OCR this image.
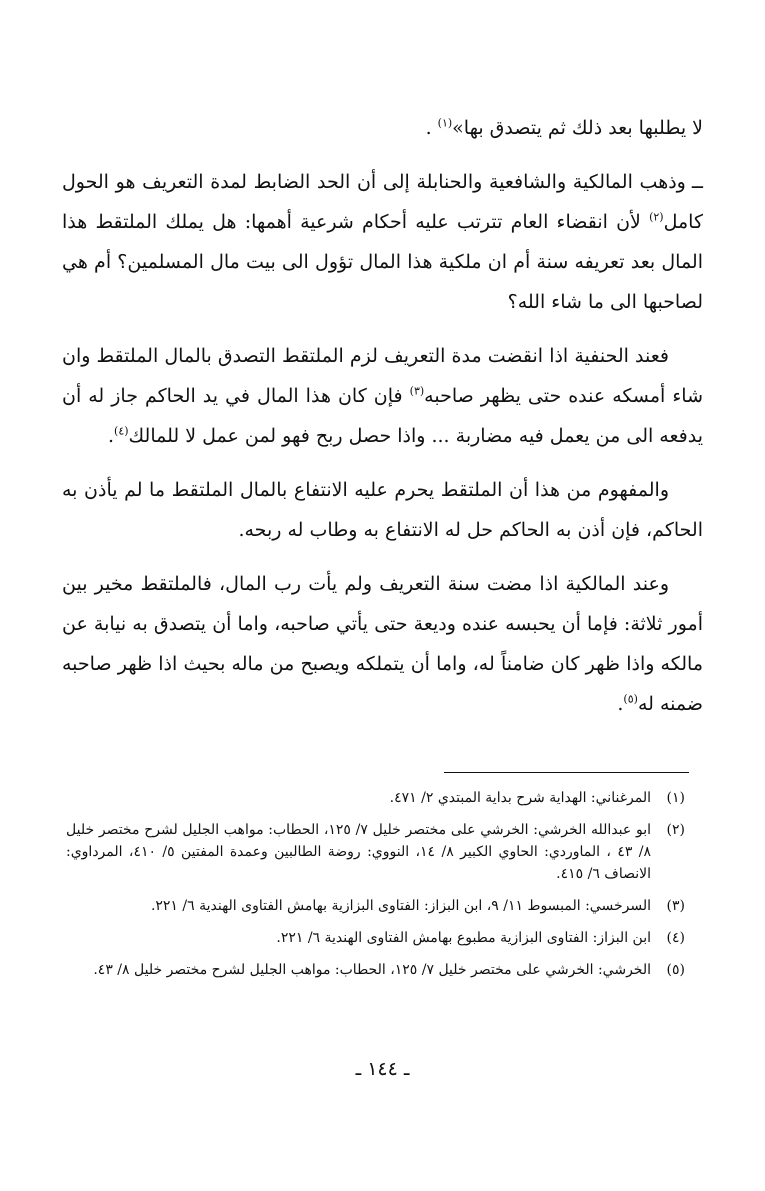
لا يطلبها بعد ذلك ثم يتصدق بها»$^{(١)}$ .

ــوذهب المالكية والشافعية والحنابلة إلى أن الحد الضابط لمدة التعريف هو الحول كامل$^{(٢)}$ لأن انقضاء العام تترتب عليه أحكام شرعية أهمها: هل يملك الملتقط هذا المال بعد تعريفه سنة أم ان ملكية هذا المال تؤول الى بيت مال المسلمين؟ أم هي لصاحبها الى ما شاء الله؟

فعند الحنفية اذا انقضت مدة التعريف لزم الملتقط التصدق بالمال الملتقط وان شاء أمسكه عنده حتى يظهر صاحبه$^{(٣)}$ فإن كان هذا المال في يد الحاكم جاز له أن يدفعه الى من يعمل فيه مضاربة ... واذا حصل ربح فهو لمن عمل لا للمالك$^{(٤)}$.

والمفهوم من هذا أن الملتقط يحرم عليه الانتفاع بالمال الملتقط ما لم يأذن به الحاكم، فإن أذن به الحاكم حل له الانتفاع به وطاب له ربحه.

وعند المالكية اذا مضت سنة التعريف ولم يأت رب المال، فالملتقط مخير بين أمور ثلاثة: فإما أن يحبسه عنده وديعة حتى يأتي صاحبه، واما أن يتصدق به نيابة عن مالكه واذا ظهر كان ضامناً له، واما أن يتملكه ويصبح من ماله بحيث اذا ظهر صاحبه ضمنه له$^{(٥)}$.

(١)
المرغناني: الهداية شرح بداية المبتدي ٢/ ٤٧١.
(٢)
ابو عبدالله الخرشي: الخرشي على مختصر خليل ٧/ ١٢٥، الحطاب: مواهب الجليل لشرح مختصر خليل ٨/ ٤٣ ، الماوردي: الحاوي الكبير ٨/ ١٤، النووي: روضة الطالبين وعمدة المفتين ٥/ ٤١٠، المرداوي: الانصاف ٦/ ٤١٥.
(٣)
السرخسي: المبسوط ١١/ ٩، ابن البزاز: الفتاوى البزازية بهامش الفتاوى الهندية ٦/ ٢٢١.
(٤)
ابن البزاز: الفتاوى البزازية مطبوع بهامش الفتاوى الهندية ٦/ ٢٢١.
(٥)
الخرشي: الخرشي على مختصر خليل ٧/ ١٢٥، الحطاب: مواهب الجليل لشرح مختصر خليل ٨/ ٤٣.
ـ ١٤٤ ـ
